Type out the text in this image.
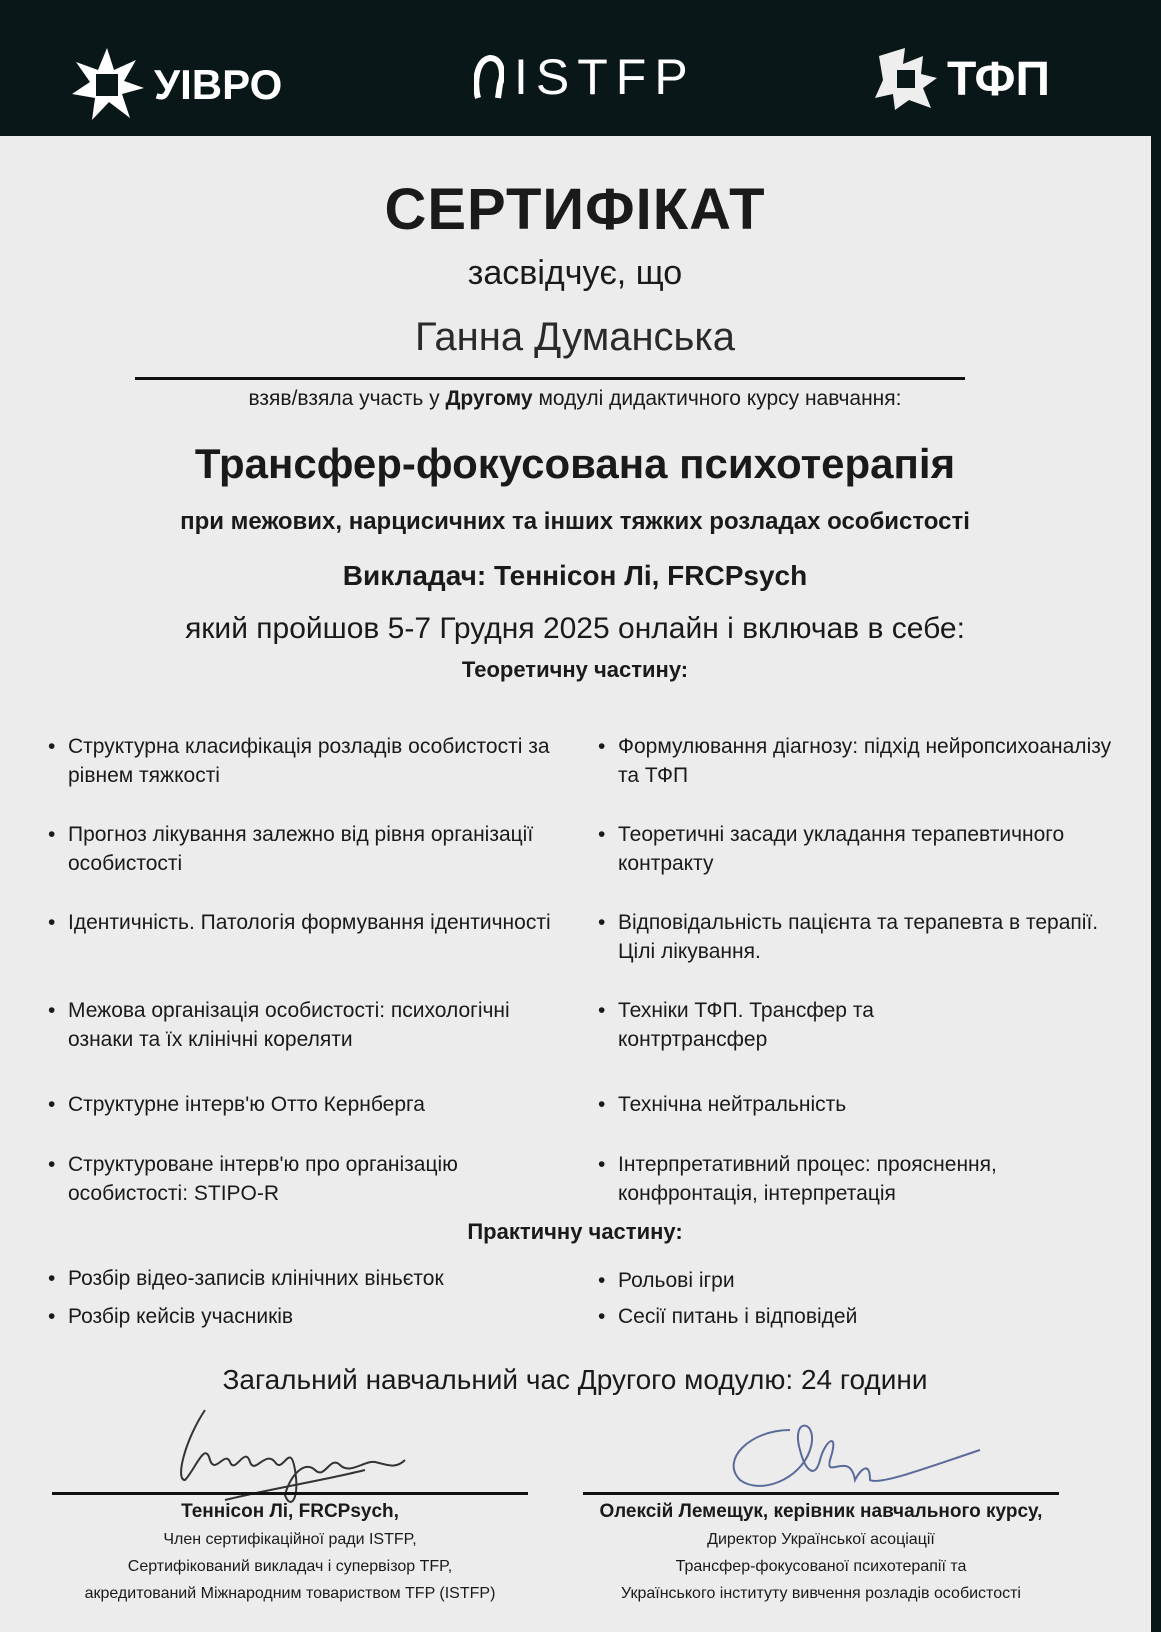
УІВРО	ISTFP	ТФП
СЕРТИФІКАТ
засвідчує, що
Ганна Думанська
взяв/взяла участь у Другому модулі дидактичного курсу навчання:
Трансфер-фокусована психотерапія
при межових, нарцисичних та інших тяжких розладах особистості
Викладач: Теннісон Лі, FRCPsych
який пройшов 5-7 Грудня 2025 онлайн і включав в себе:
Теоретичну частину:
• Структурна класифікація розладів особистості за рівнем тяжкості
• Прогноз лікування залежно від рівня організації особистості
• Ідентичність. Патологія формування ідентичності
• Межова організація особистості: психологічні ознаки та їх клінічні кореляти
• Структурне інтерв'ю Отто Кернберга
• Структуроване інтерв'ю про організацію особистості: STIPO-R
• Формулювання діагнозу: підхід нейропсихоаналізу та ТФП
• Теоретичні засади укладання терапевтичного контракту
• Відповідальність пацієнта та терапевта в терапії. Цілі лікування.
• Техніки ТФП. Трансфер та контртрансфер
• Технічна нейтральність
• Інтерпретативний процес: прояснення, конфронтація, інтерпретація
Практичну частину:
• Розбір відео-записів клінічних віньєток
• Розбір кейсів учасників
• Рольові ігри
• Сесії питань і відповідей
Загальний навчальний час Другого модулю: 24 години
Теннісон Лі, FRCPsych,
Член сертифікаційної ради ISTFP,
Сертифікований викладач і супервізор TFP,
акредитований Міжнародним товариством TFP (ISTFP)
Олексій Лемещук, керівник навчального курсу,
Директор Української асоціації
Трансфер-фокусованої психотерапії та
Українського інституту вивчення розладів особистості
